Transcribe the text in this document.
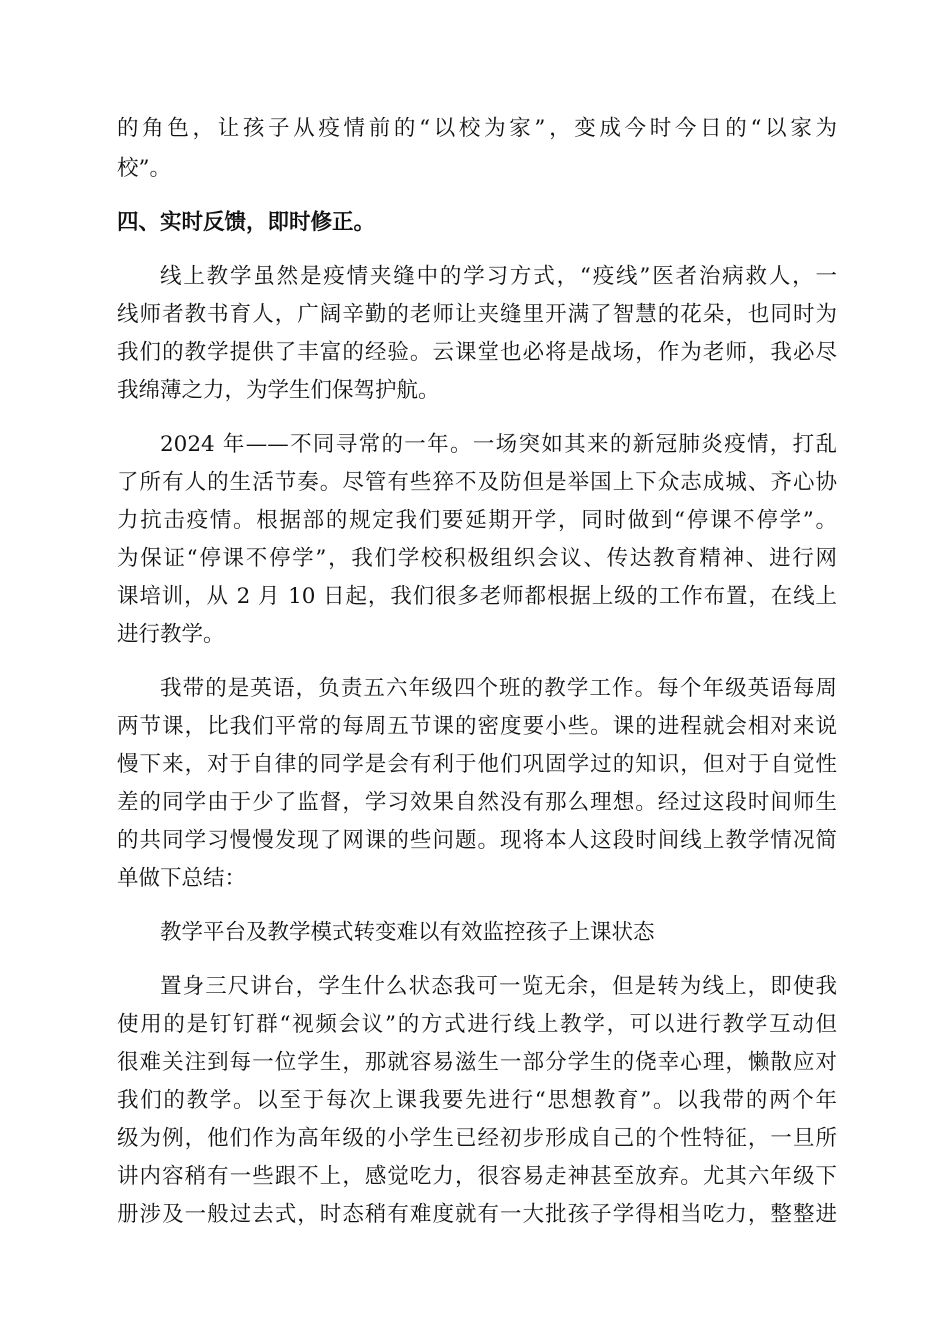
的角色，让孩子从疫情前的“以校为家”，变成今时今日的“以家为
校”。
四、实时反馈，即时修正。
线上教学虽然是疫情夹缝中的学习方式，“疫线”医者治病救人，一
线师者教书育人，广阔辛勤的老师让夹缝里开满了智慧的花朵，也同时为
我们的教学提供了丰富的经验。云课堂也必将是战场，作为老师，我必尽
我绵薄之力，为学生们保驾护航。
2024 年——不同寻常的一年。一场突如其来的新冠肺炎疫情，打乱
了所有人的生活节奏。尽管有些猝不及防但是举国上下众志成城、齐心协
力抗击疫情。根据部的规定我们要延期开学，同时做到“停课不停学”。
为保证“停课不停学”，我们学校积极组织会议、传达教育精神、进行网
课培训，从 2 月 10 日起，我们很多老师都根据上级的工作布置，在线上
进行教学。
我带的是英语，负责五六年级四个班的教学工作。每个年级英语每周
两节课，比我们平常的每周五节课的密度要小些。课的进程就会相对来说
慢下来，对于自律的同学是会有利于他们巩固学过的知识，但对于自觉性
差的同学由于少了监督，学习效果自然没有那么理想。经过这段时间师生
的共同学习慢慢发现了网课的些问题。现将本人这段时间线上教学情况简
单做下总结：
教学平台及教学模式转变难以有效监控孩子上课状态
置身三尺讲台，学生什么状态我可一览无余，但是转为线上，即使我
使用的是钉钉群“视频会议”的方式进行线上教学，可以进行教学互动但
很难关注到每一位学生，那就容易滋生一部分学生的侥幸心理，懒散应对
我们的教学。以至于每次上课我要先进行“思想教育”。以我带的两个年
级为例，他们作为高年级的小学生已经初步形成自己的个性特征，一旦所
讲内容稍有一些跟不上，感觉吃力，很容易走神甚至放弃。尤其六年级下
册涉及一般过去式，时态稍有难度就有一大批孩子学得相当吃力，整整进
